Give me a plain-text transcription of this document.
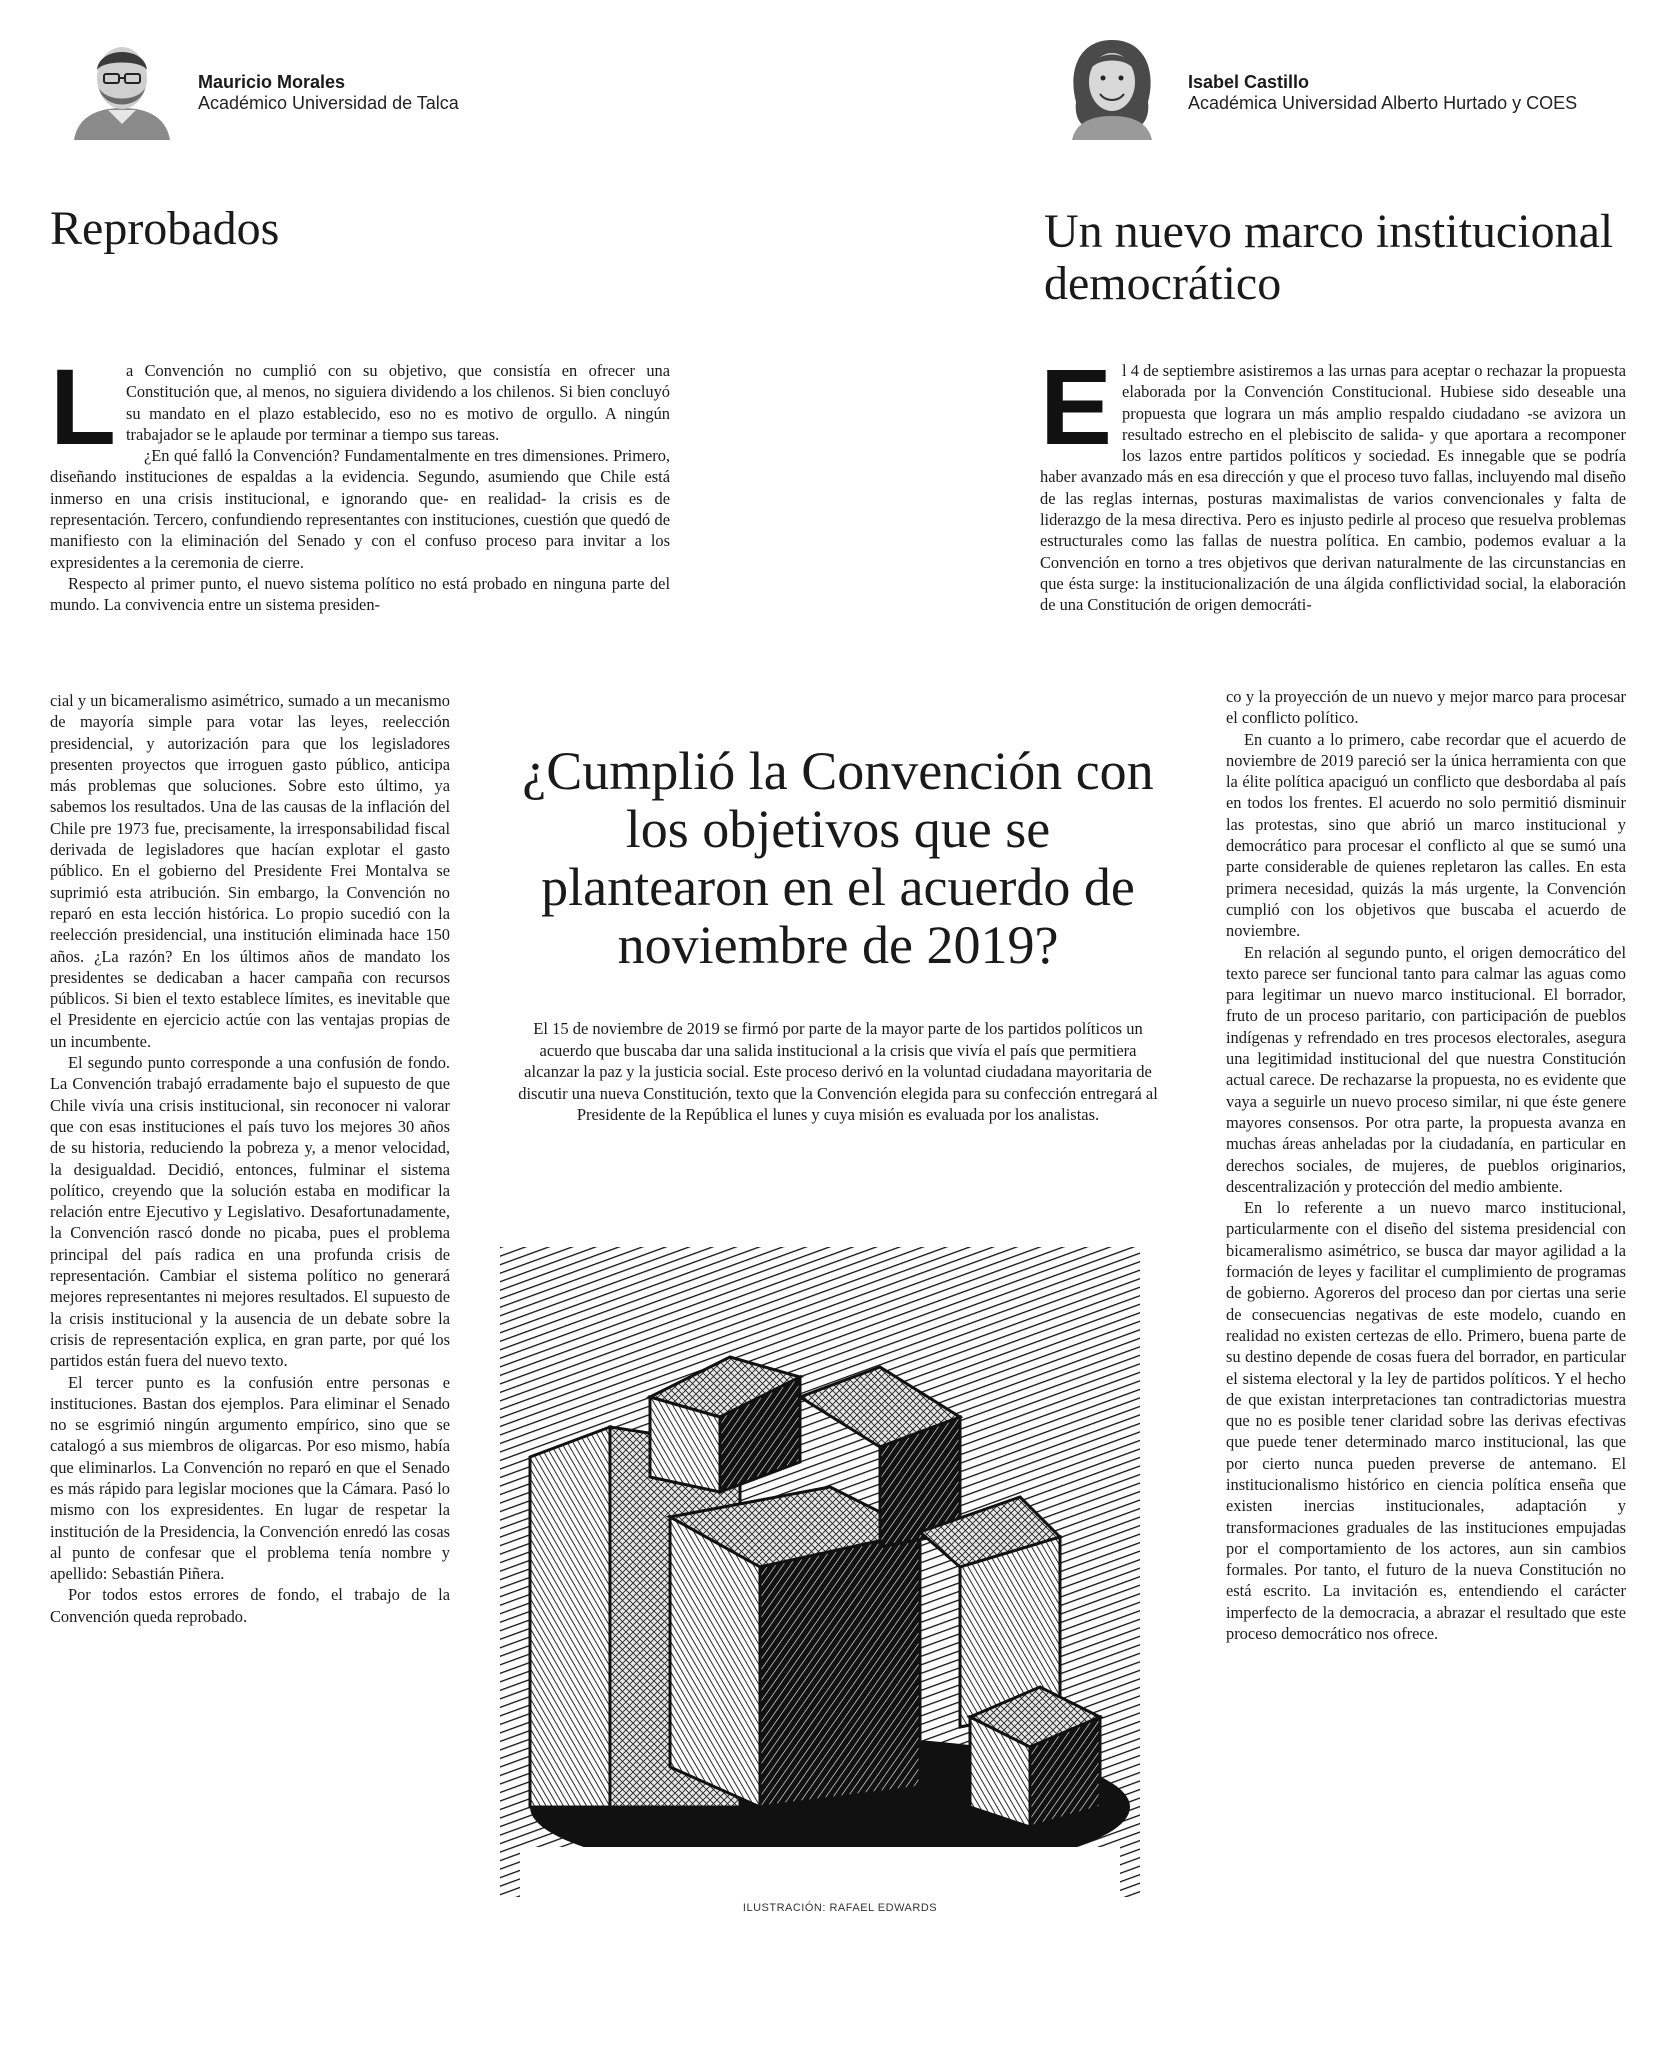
Mauricio Morales
Académico Universidad de Talca
Isabel Castillo
Académica Universidad Alberto Hurtado y COES
Reprobados	Un nuevo marco institucional democrático

La Convención no cumplió con su objetivo, que consistía en ofrecer una Constitución que, al menos, no siguiera dividendo a los chilenos. Si bien concluyó su mandato en el plazo establecido, eso no es motivo de orgullo. A ningún trabajador se le aplaude por terminar a tiempo sus tareas.

¿En qué falló la Convención? Fundamentalmente en tres dimensiones. Primero, diseñando instituciones de espaldas a la evidencia. Segundo, asumiendo que Chile está inmerso en una crisis institucional, e ignorando que- en realidad- la crisis es de representación. Tercero, confundiendo representantes con instituciones, cuestión que quedó de manifiesto con la eliminación del Senado y con el confuso proceso para invitar a los expresidentes a la ceremonia de cierre.

Respecto al primer punto, el nuevo sistema político no está probado en ninguna parte del mundo. La convivencia entre un sistema presiden-

cial y un bicameralismo asimétrico, sumado a un mecanismo de mayoría simple para votar las leyes, reelección presidencial, y autorización para que los legisladores presenten proyectos que irroguen gasto público, anticipa más problemas que soluciones. Sobre esto último, ya sabemos los resultados. Una de las causas de la inflación del Chile pre 1973 fue, precisamente, la irresponsabilidad fiscal derivada de legisladores que hacían explotar el gasto público. En el gobierno del Presidente Frei Montalva se suprimió esta atribución. Sin embargo, la Convención no reparó en esta lección histórica. Lo propio sucedió con la reelección presidencial, una institución eliminada hace 150 años. ¿La razón? En los últimos años de mandato los presidentes se dedicaban a hacer campaña con recursos públicos. Si bien el texto establece límites, es inevitable que el Presidente en ejercicio actúe con las ventajas propias de un incumbente.

El segundo punto corresponde a una confusión de fondo. La Convención trabajó erradamente bajo el supuesto de que Chile vivía una crisis institucional, sin reconocer ni valorar que con esas instituciones el país tuvo los mejores 30 años de su historia, reduciendo la pobreza y, a menor velocidad, la desigualdad. Decidió, entonces, fulminar el sistema político, creyendo que la solución estaba en modificar la relación entre Ejecutivo y Legislativo. Desafortunadamente, la Convención rascó donde no picaba, pues el problema principal del país radica en una profunda crisis de representación. Cambiar el sistema político no generará mejores representantes ni mejores resultados. El supuesto de la crisis institucional y la ausencia de un debate sobre la crisis de representación explica, en gran parte, por qué los partidos están fuera del nuevo texto.

El tercer punto es la confusión entre personas e instituciones. Bastan dos ejemplos. Para eliminar el Senado no se esgrimió ningún argumento empírico, sino que se catalogó a sus miembros de oligarcas. Por eso mismo, había que eliminarlos. La Convención no reparó en que el Senado es más rápido para legislar mociones que la Cámara. Pasó lo mismo con los expresidentes. En lugar de respetar la institución de la Presidencia, la Convención enredó las cosas al punto de confesar que el problema tenía nombre y apellido: Sebastián Piñera.

Por todos estos errores de fondo, el trabajo de la Convención queda reprobado.

El 4 de septiembre asistiremos a las urnas para aceptar o rechazar la propuesta elaborada por la Convención Constitucional. Hubiese sido deseable una propuesta que lograra un más amplio respaldo ciudadano -se avizora un resultado estrecho en el plebiscito de salida- y que aportara a recomponer los lazos entre partidos políticos y sociedad. Es innegable que se podría haber avanzado más en esa dirección y que el proceso tuvo fallas, incluyendo mal diseño de las reglas internas, posturas maximalistas de varios convencionales y falta de liderazgo de la mesa directiva. Pero es injusto pedirle al proceso que resuelva problemas estructurales como las fallas de nuestra política. En cambio, podemos evaluar a la Convención en torno a tres objetivos que derivan naturalmente de las circunstancias en que ésta surge: la institucionalización de una álgida conflictividad social, la elaboración de una Constitución de origen democráti-

co y la proyección de un nuevo y mejor marco para procesar el conflicto político.

En cuanto a lo primero, cabe recordar que el acuerdo de noviembre de 2019 pareció ser la única herramienta con que la élite política apaciguó un conflicto que desbordaba al país en todos los frentes. El acuerdo no solo permitió disminuir las protestas, sino que abrió un marco institucional y democrático para procesar el conflicto al que se sumó una parte considerable de quienes repletaron las calles. En esta primera necesidad, quizás la más urgente, la Convención cumplió con los objetivos que buscaba el acuerdo de noviembre.

En relación al segundo punto, el origen democrático del texto parece ser funcional tanto para calmar las aguas como para legitimar un nuevo marco institucional. El borrador, fruto de un proceso paritario, con participación de pueblos indígenas y refrendado en tres procesos electorales, asegura una legitimidad institucional del que nuestra Constitución actual carece. De rechazarse la propuesta, no es evidente que vaya a seguirle un nuevo proceso similar, ni que éste genere mayores consensos. Por otra parte, la propuesta avanza en muchas áreas anheladas por la ciudadanía, en particular en derechos sociales, de mujeres, de pueblos originarios, descentralización y protección del medio ambiente.

En lo referente a un nuevo marco institucional, particularmente con el diseño del sistema presidencial con bicameralismo asimétrico, se busca dar mayor agilidad a la formación de leyes y facilitar el cumplimiento de programas de gobierno. Agoreros del proceso dan por ciertas una serie de consecuencias negativas de este modelo, cuando en realidad no existen certezas de ello. Primero, buena parte de su destino depende de cosas fuera del borrador, en particular el sistema electoral y la ley de partidos políticos. Y el hecho de que existan interpretaciones tan contradictorias muestra que no es posible tener claridad sobre las derivas efectivas que puede tener determinado marco institucional, las que por cierto nunca pueden preverse de antemano. El institucionalismo histórico en ciencia política enseña que existen inercias institucionales, adaptación y transformaciones graduales de las instituciones empujadas por el comportamiento de los actores, aun sin cambios formales. Por tanto, el futuro de la nueva Constitución no está escrito. La invitación es, entendiendo el carácter imperfecto de la democracia, a abrazar el resultado que este proceso democrático nos ofrece.

¿Cumplió la Convención con los objetivos que se plantearon en el acuerdo de noviembre de 2019?
El 15 de noviembre de 2019 se firmó por parte de la mayor parte de los partidos políticos un acuerdo que buscaba dar una salida institucional a la crisis que vivía el país que permitiera alcanzar la paz y la justicia social. Este proceso derivó en la voluntad ciudadana mayoritaria de discutir una nueva Constitución, texto que la Convención elegida para su confección entregará al Presidente de la República el lunes y cuya misión es evaluada por los analistas.
ILUSTRACIÓN: RAFAEL EDWARDS
